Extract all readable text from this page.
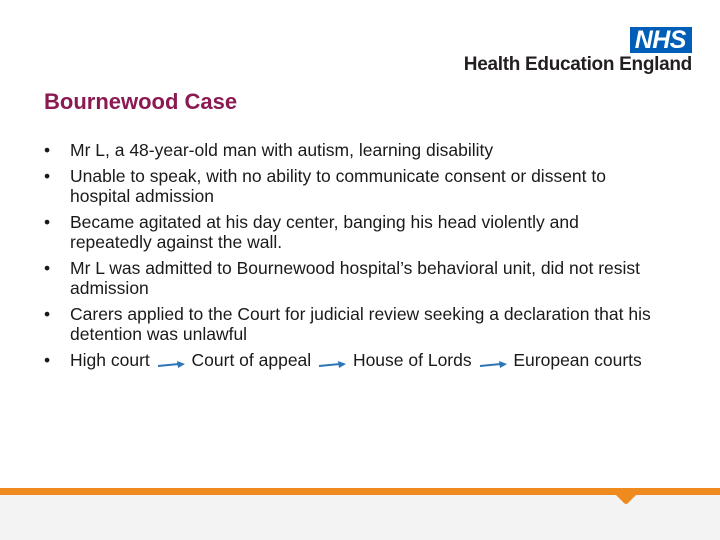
NHS
Health Education England
Bournewood Case
• Mr L, a 48-year-old man with autism, learning disability
• Unable to speak, with no ability to communicate consent or dissent to hospital admission
• Became agitated at his day center, banging his head violently and repeatedly against the wall.
• Mr L was admitted to Bournewood hospital’s behavioral unit, did not resist admission
• Carers applied to the Court for judicial review seeking a declaration that his detention was unlawful
• High court Court of appeal House of Lords European courts
